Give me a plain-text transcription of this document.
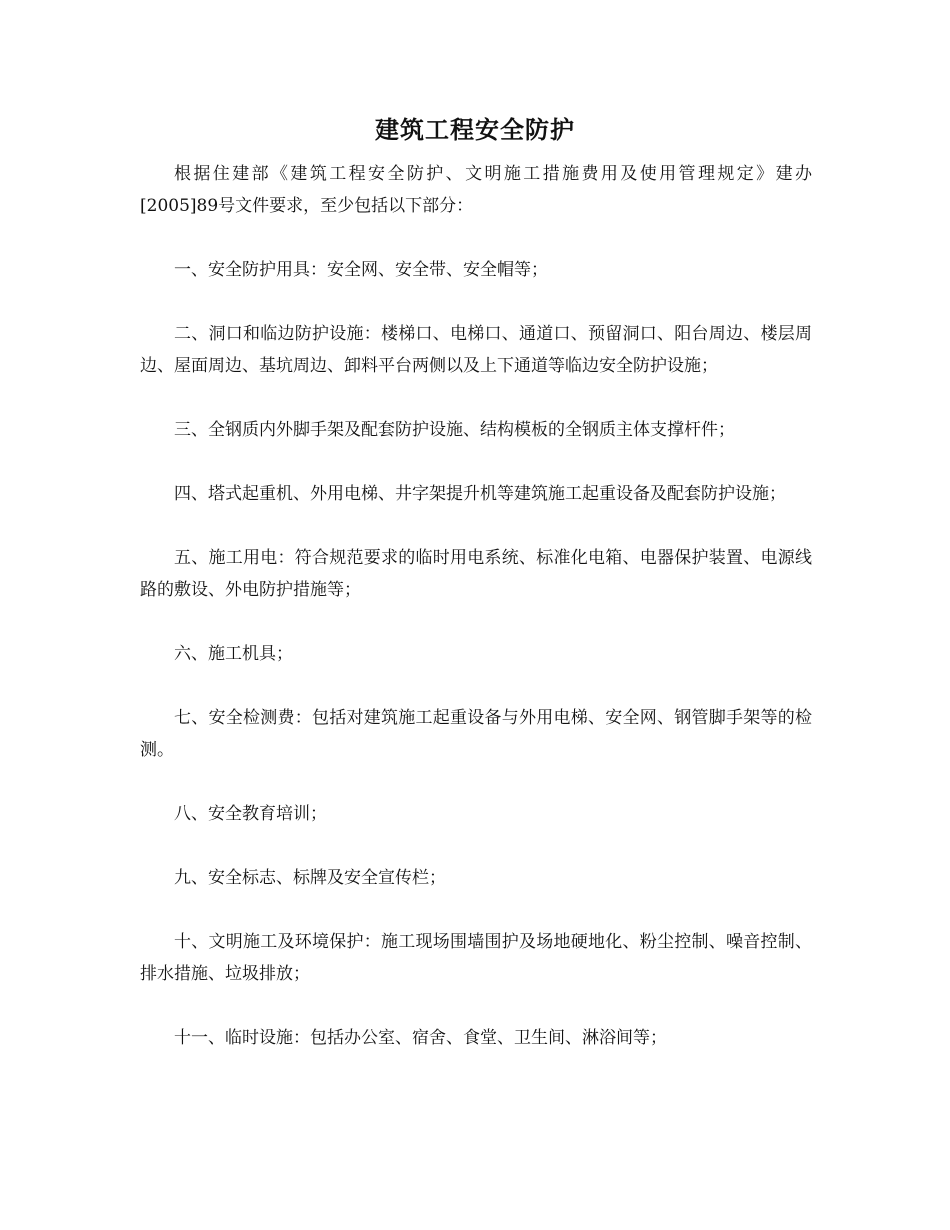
建筑工程安全防护

根据住建部《建筑工程安全防护、文明施工措施费用及使用管理规定》建办[2005]89号文件要求，至少包括以下部分：

一、安全防护用具：安全网、安全带、安全帽等；

二、洞口和临边防护设施：楼梯口、电梯口、通道口、预留洞口、阳台周边、楼层周边、屋面周边、基坑周边、卸料平台两侧以及上下通道等临边安全防护设施；

三、全钢质内外脚手架及配套防护设施、结构模板的全钢质主体支撑杆件；

四、塔式起重机、外用电梯、井字架提升机等建筑施工起重设备及配套防护设施；

五、施工用电：符合规范要求的临时用电系统、标准化电箱、电器保护装置、电源线路的敷设、外电防护措施等；

六、施工机具；

七、安全检测费：包括对建筑施工起重设备与外用电梯、安全网、钢管脚手架等的检测。

八、安全教育培训；

九、安全标志、标牌及安全宣传栏；

十、文明施工及环境保护：施工现场围墙围护及场地硬地化、粉尘控制、噪音控制、排水措施、垃圾排放；

十一、临时设施：包括办公室、宿舍、食堂、卫生间、淋浴间等；
